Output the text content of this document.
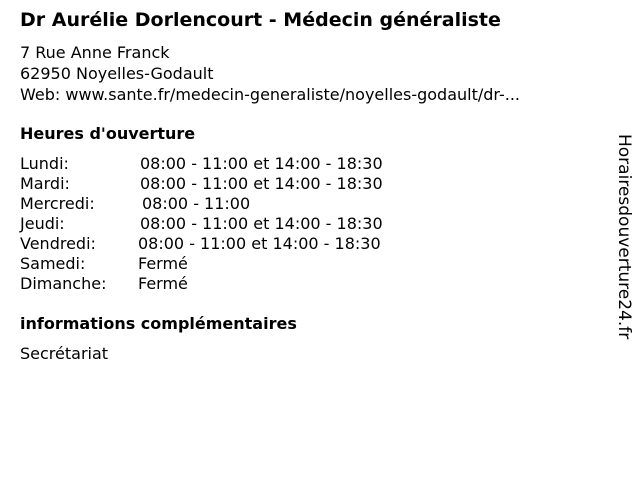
Dr Aurélie Dorlencourt - Médecin généraliste
7 Rue Anne Franck
62950 Noyelles-Godault
Web: www.sante.fr/medecin-generaliste/noyelles-godault/dr-...
Heures d'ouverture
Lundi:	08:00 - 11:00 et 14:00 - 18:30
Mardi:	08:00 - 11:00 et 14:00 - 18:30
Mercredi:	08:00 - 11:00
Jeudi:	08:00 - 11:00 et 14:00 - 18:30
Vendredi:	08:00 - 11:00 et 14:00 - 18:30
Samedi:	Fermé
Dimanche: Fermé
informations complémentaires
Secrétariat
Horairesdouverture24.fr
